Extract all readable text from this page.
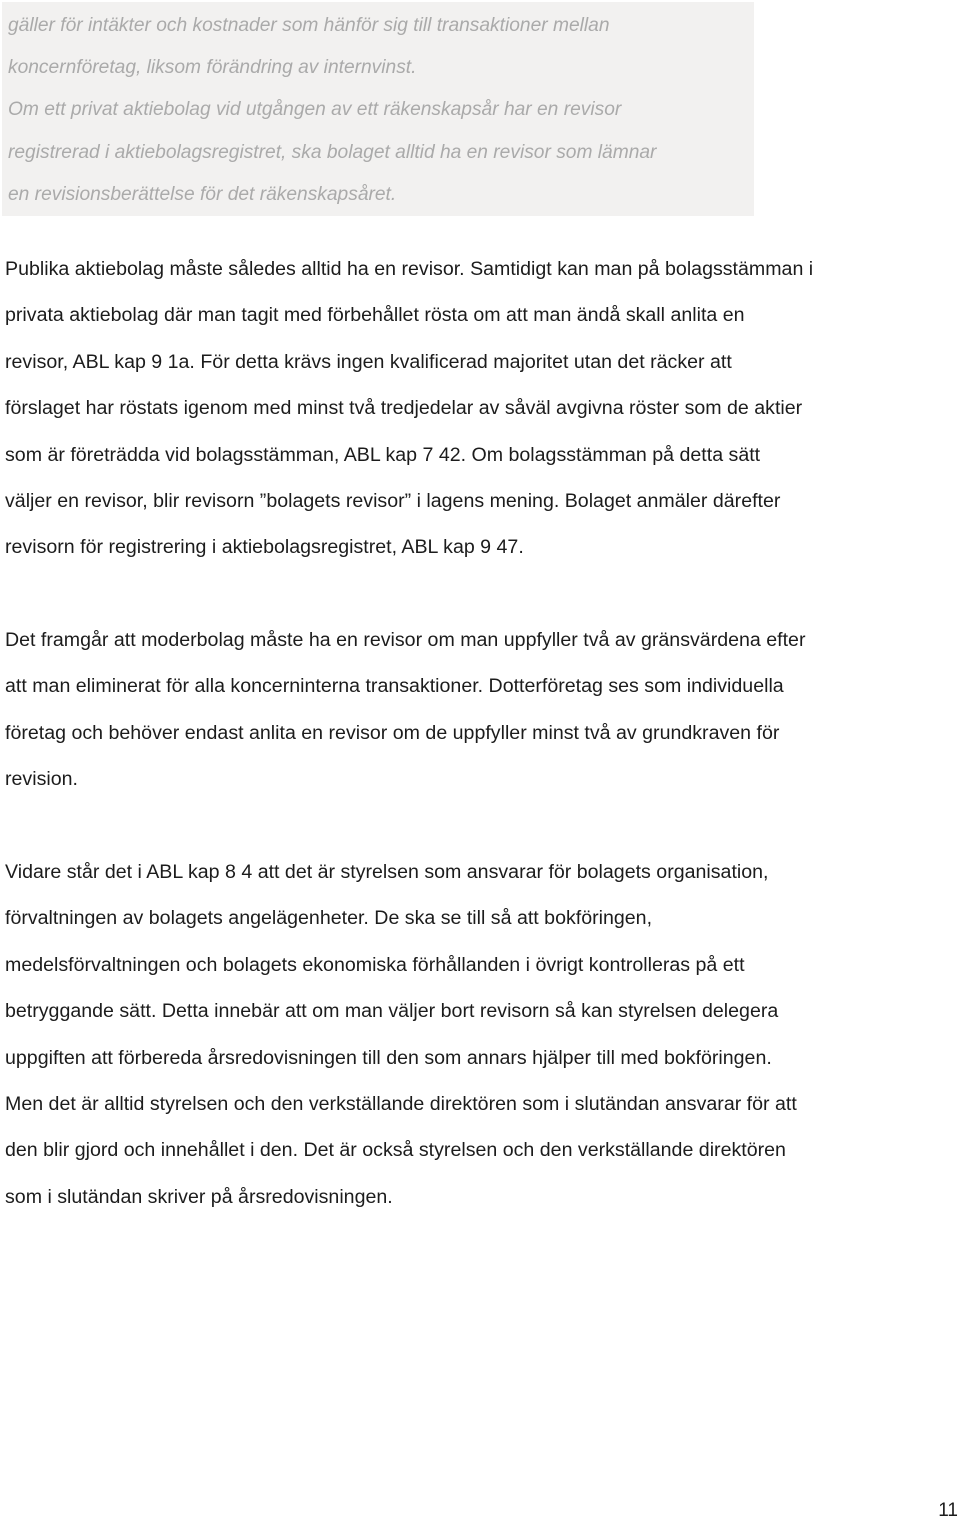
gäller för intäkter och kostnader som hänför sig till transaktioner mellan
koncernföretag, liksom förändring av internvinst.
Om ett privat aktiebolag vid utgången av ett räkenskapsår har en revisor
registrerad i aktiebolagsregistret, ska bolaget alltid ha en revisor som lämnar
en revisionsberättelse för det räkenskapsåret.

Publika aktiebolag måste således alltid ha en revisor. Samtidigt kan man på bolagsstämman i
privata aktiebolag där man tagit med förbehållet rösta om att man ändå skall anlita en
revisor, ABL kap 9 1a. För detta krävs ingen kvalificerad majoritet utan det räcker att
förslaget har röstats igenom med minst två tredjedelar av såväl avgivna röster som de aktier
som är företrädda vid bolagsstämman, ABL kap 7 42. Om bolagsstämman på detta sätt
väljer en revisor, blir revisorn ”bolagets revisor” i lagens mening. Bolaget anmäler därefter
revisorn för registrering i aktiebolagsregistret, ABL kap 9 47.

Det framgår att moderbolag måste ha en revisor om man uppfyller två av gränsvärdena efter
att man eliminerat för alla koncerninterna transaktioner. Dotterföretag ses som individuella
företag och behöver endast anlita en revisor om de uppfyller minst två av grundkraven för
revision.

Vidare står det i ABL kap 8 4 att det är styrelsen som ansvarar för bolagets organisation,
förvaltningen av bolagets angelägenheter. De ska se till så att bokföringen,
medelsförvaltningen och bolagets ekonomiska förhållanden i övrigt kontrolleras på ett
betryggande sätt. Detta innebär att om man väljer bort revisorn så kan styrelsen delegera
uppgiften att förbereda årsredovisningen till den som annars hjälper till med bokföringen.
Men det är alltid styrelsen och den verkställande direktören som i slutändan ansvarar för att
den blir gjord och innehållet i den. Det är också styrelsen och den verkställande direktören
som i slutändan skriver på årsredovisningen.

11
